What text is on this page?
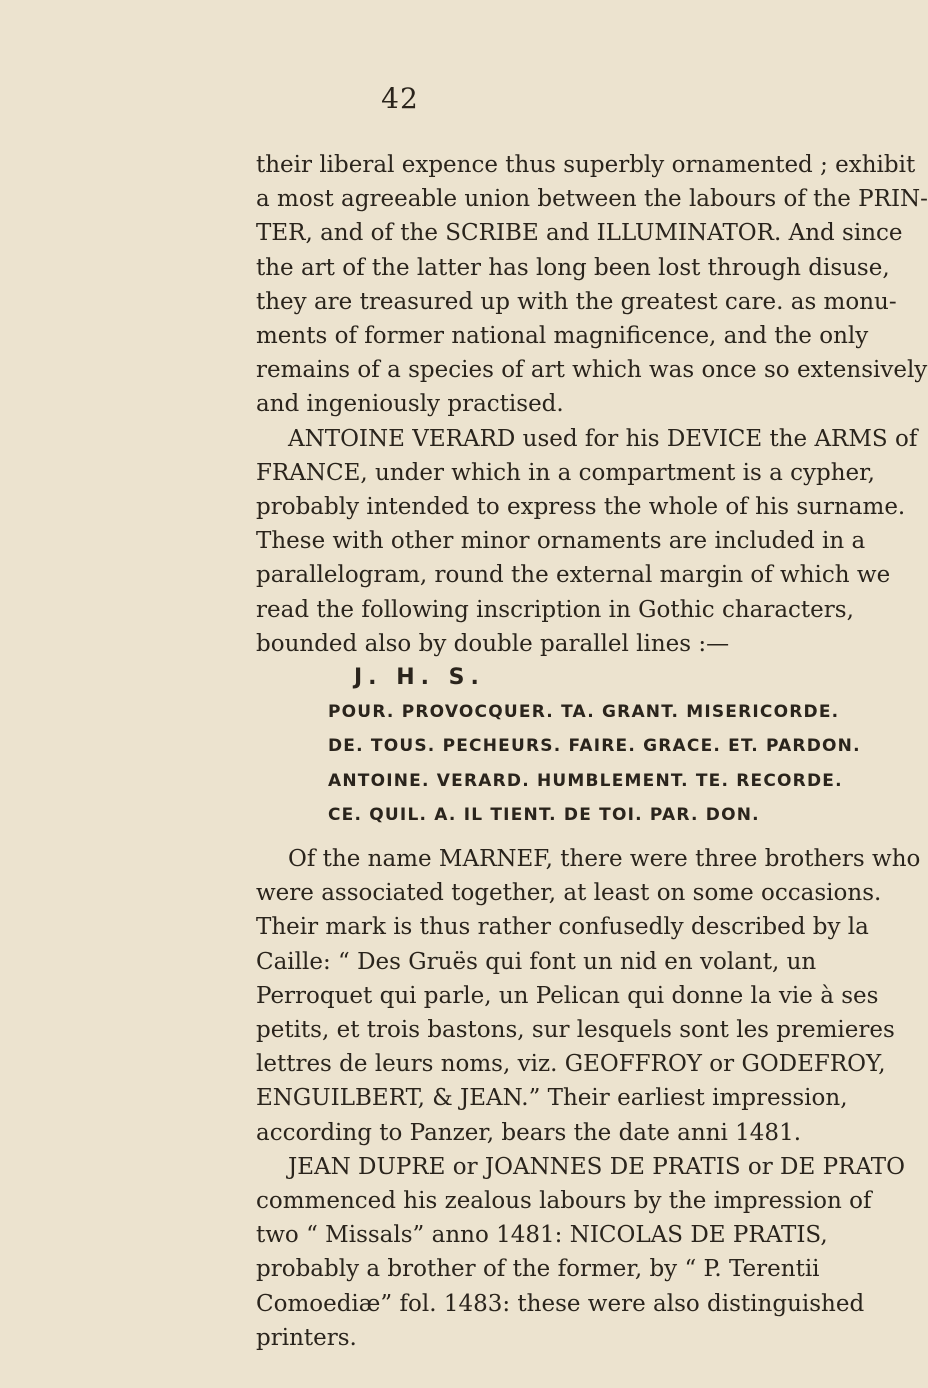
42
their liberal expence thus superbly ornamented ; exhibit
a most agreeable union between the labours of the PRIN-
TER, and of the SCRIBE and ILLUMINATOR. And since
the art of the latter has long been lost through disuse,
they are treasured up with the greatest care. as monu-
ments of former national magnificence, and the only
remains of a species of art which was once so extensively
and ingeniously practised.
ANTOINE VERARD used for his DEVICE the ARMS of
FRANCE, under which in a compartment is a cypher,
probably intended to express the whole of his surname.
These with other minor ornaments are included in a
parallelogram, round the external margin of which we
read the following inscription in Gothic characters,
bounded also by double parallel lines :—
J. H. S.
POUR. PROVOCQUER. TA. GRANT. MISERICORDE.
DE. TOUS. PECHEURS. FAIRE. GRACE. ET. PARDON.
ANTOINE. VERARD. HUMBLEMENT. TE. RECORDE.
CE. QUIL. A. IL TIENT. DE TOI. PAR. DON.
Of the name MARNEF, there were three brothers who
were associated together, at least on some occasions.
Their mark is thus rather confusedly described by la
Caille: “ Des Gruës qui font un nid en volant, un
Perroquet qui parle, un Pelican qui donne la vie à ses
petits, et trois bastons, sur lesquels sont les premieres
lettres de leurs noms, viz. GEOFFROY or GODEFROY,
ENGUILBERT, & JEAN.” Their earliest impression,
according to Panzer, bears the date anni 1481.
JEAN DUPRE or JOANNES DE PRATIS or DE PRATO
commenced his zealous labours by the impression of
two “ Missals” anno 1481: NICOLAS DE PRATIS,
probably a brother of the former, by “ P. Terentii
Comoediæ” fol. 1483: these were also distinguished
printers.
